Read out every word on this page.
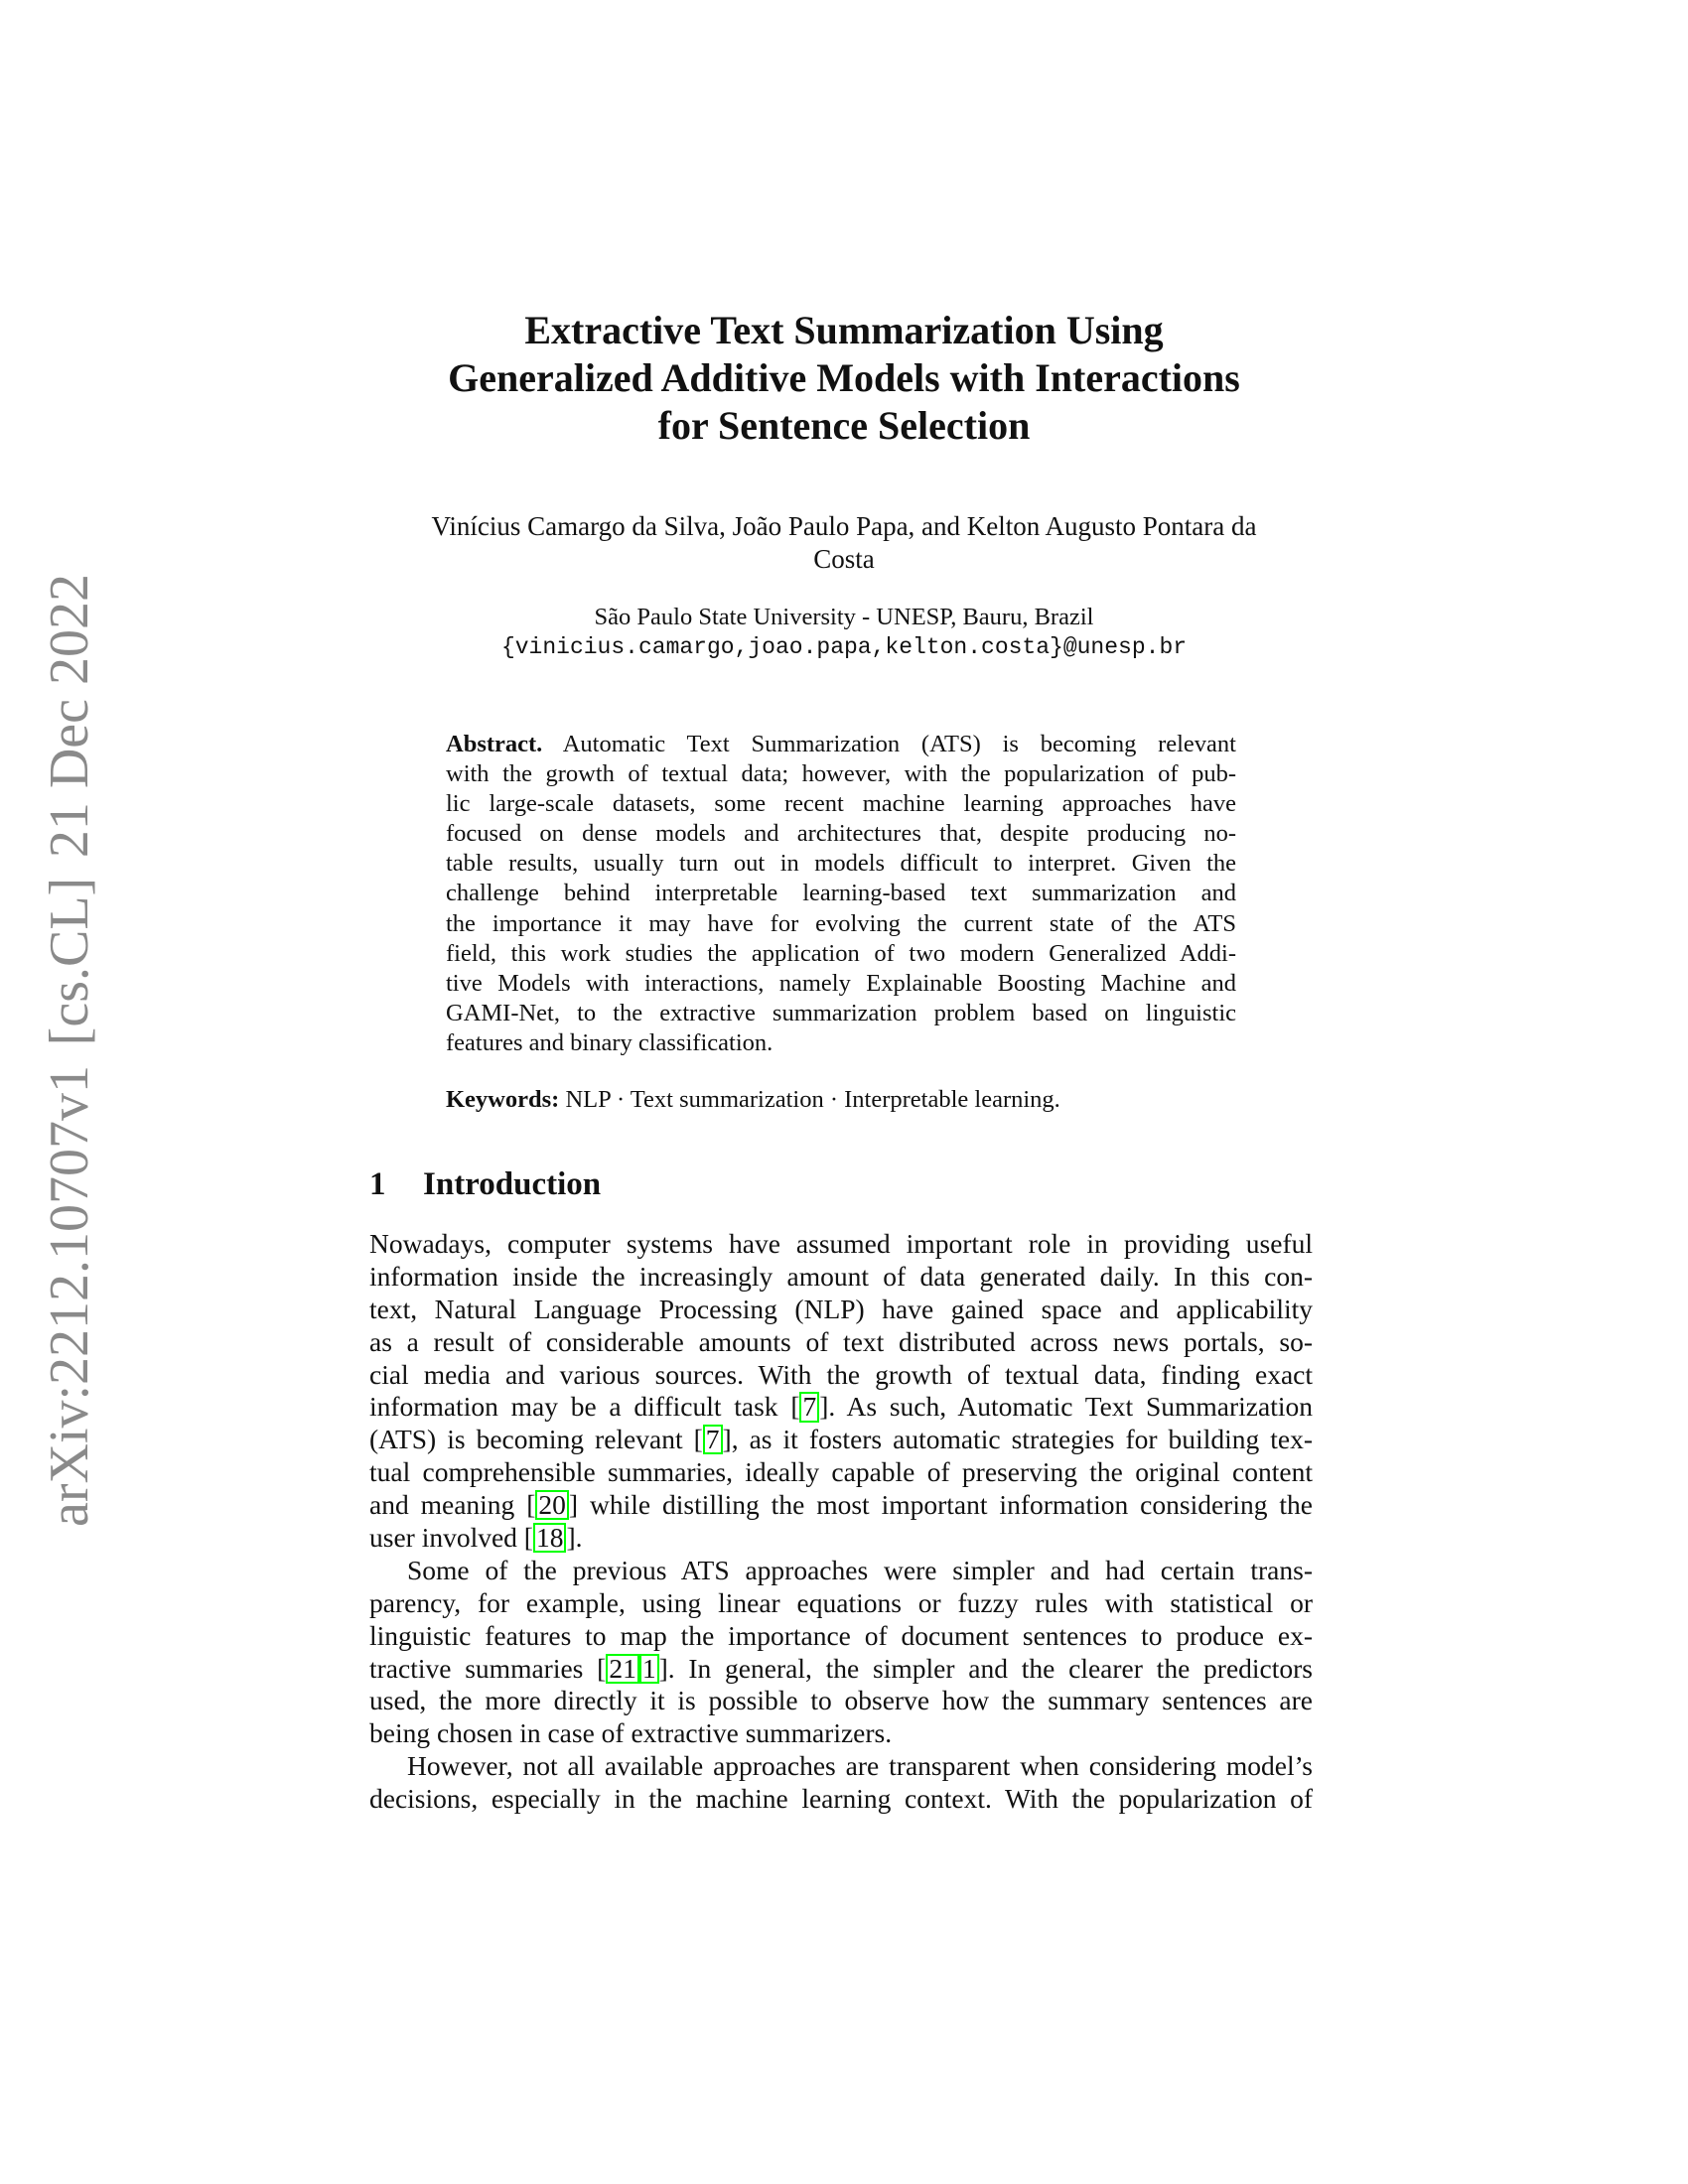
arXiv:2212.10707v1
[cs.CL]
21 Dec 2022
Extractive Text Summarization Using
Generalized Additive Models with Interactions
for Sentence Selection
Vinícius Camargo da Silva, João Paulo Papa, and Kelton Augusto Pontara da
Costa
São Paulo State University - UNESP, Bauru, Brazil
{vinicius.camargo,joao.papa,kelton.costa}@unesp.br
Abstract. Automatic Text Summarization (ATS) is becoming relevant
with the growth of textual data; however, with the popularization of pub-
lic large-scale datasets, some recent machine learning approaches have
focused on dense models and architectures that, despite producing no-
table results, usually turn out in models difficult to interpret. Given the
challenge behind interpretable learning-based text summarization and
the importance it may have for evolving the current state of the ATS
field, this work studies the application of two modern Generalized Addi-
tive Models with interactions, namely Explainable Boosting Machine and
GAMI-Net, to the extractive summarization problem based on linguistic
features and binary classification.
Keywords: NLP · Text summarization · Interpretable learning.
1 Introduction
Nowadays, computer systems have assumed important role in providing useful
information inside the increasingly amount of data generated daily. In this con-
text, Natural Language Processing (NLP) have gained space and applicability
as a result of considerable amounts of text distributed across news portals, so-
cial media and various sources. With the growth of textual data, finding exact
information may be a difficult task [ 7 ]. As such, Automatic Text Summarization
(ATS) is becoming relevant [ 7 ], as it fosters automatic strategies for building tex-
tual comprehensible summaries, ideally capable of preserving the original content
and meaning [ 20 ] while distilling the most important information considering the
user involved [ 18 ].
Some of the previous ATS approaches were simpler and had certain trans-
parency, for example, using linear equations or fuzzy rules with statistical or
linguistic features to map the importance of document sentences to produce ex-
tractive summaries [ 21 1 ]. In general, the simpler and the clearer the predictors
used, the more directly it is possible to observe how the summary sentences are
being chosen in case of extractive summarizers.
However, not all available approaches are transparent when considering model’s
decisions, especially in the machine learning context. With the popularization of
